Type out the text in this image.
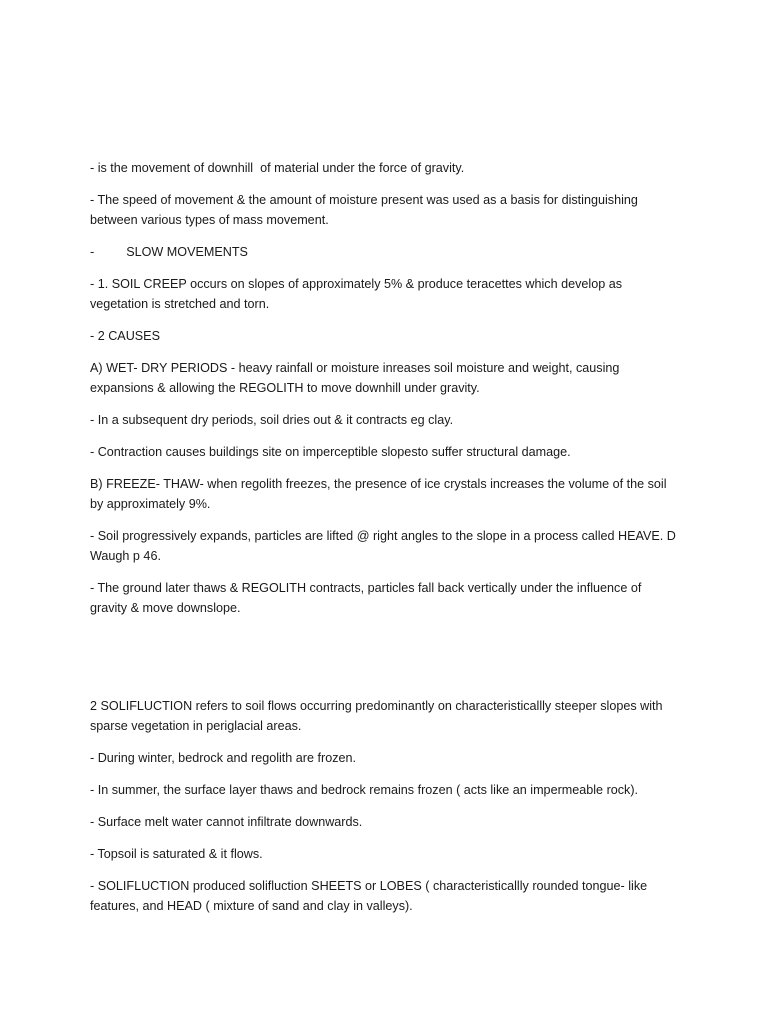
- is the movement of downhill  of material under the force of gravity.

- The speed of movement & the amount of moisture present was used as a basis for distinguishing between various types of mass movement.

-	SLOW MOVEMENTS

- 1. SOIL CREEP occurs on slopes of approximately 5% & produce teracettes which develop as vegetation is stretched and torn.

- 2 CAUSES

A) WET- DRY PERIODS - heavy rainfall or moisture inreases soil moisture and weight, causing expansions & allowing the REGOLITH to move downhill under gravity.

- In a subsequent dry periods, soil dries out & it contracts eg clay.

- Contraction causes buildings site on imperceptible slopesto suffer structural damage.

B) FREEZE- THAW- when regolith freezes, the presence of ice crystals increases the volume of the soil by approximately 9%.

- Soil progressively expands, particles are lifted @ right angles to the slope in a process called HEAVE. D Waugh p 46.

- The ground later thaws & REGOLITH contracts, particles fall back vertically under the influence of gravity & move downslope.

2 SOLIFLUCTION refers to soil flows occurring predominantly on characteristicallly steeper slopes with sparse vegetation in periglacial areas.

- During winter, bedrock and regolith are frozen.

- In summer, the surface layer thaws and bedrock remains frozen ( acts like an impermeable rock).

- Surface melt water cannot infiltrate downwards.

- Topsoil is saturated & it flows.

- SOLIFLUCTION produced solifluction SHEETS or LOBES ( characteristicallly rounded tongue- like features, and HEAD ( mixture of sand and clay in valleys).
